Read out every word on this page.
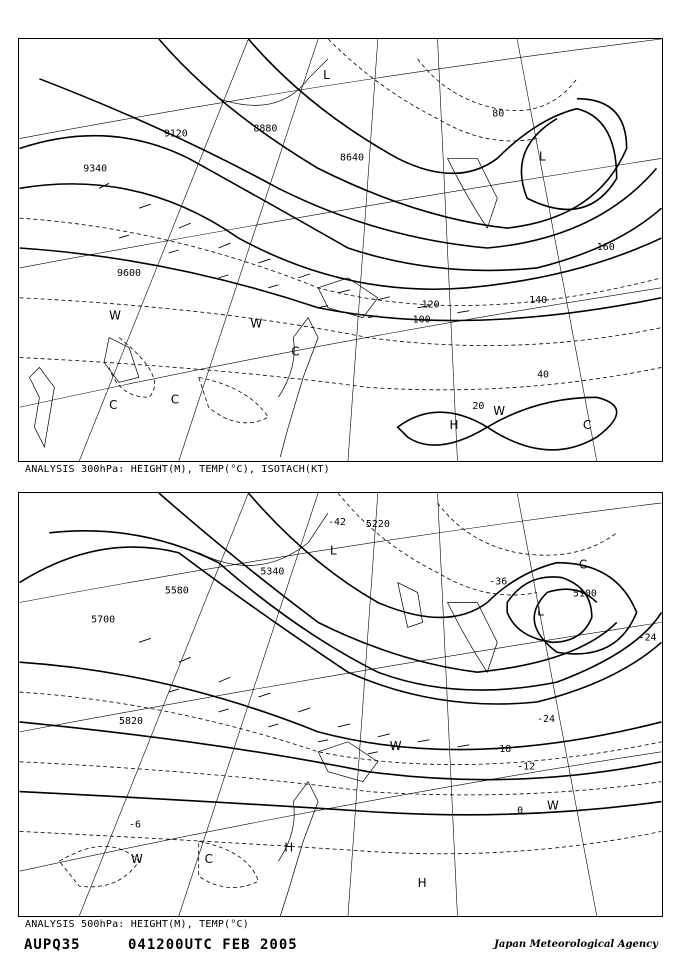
9120
9340
9600
8880
8640
40
80
100
120	140
160
20
L
L
H
C	C
C
C
W
W
W
ANALYSIS 300hPa: HEIGHT(M), TEMP(°C), ISOTACH(KT)
5700
5580
5340
5220
5100
5820
-42
-36
-24
-18
-12
-6
0
-24
L
L
H
H
C
C
W
W
W
ANALYSIS 500hPa: HEIGHT(M), TEMP(°C)
AUPQ35	041200UTC FEB 2005	Japan Meteorological Agency
